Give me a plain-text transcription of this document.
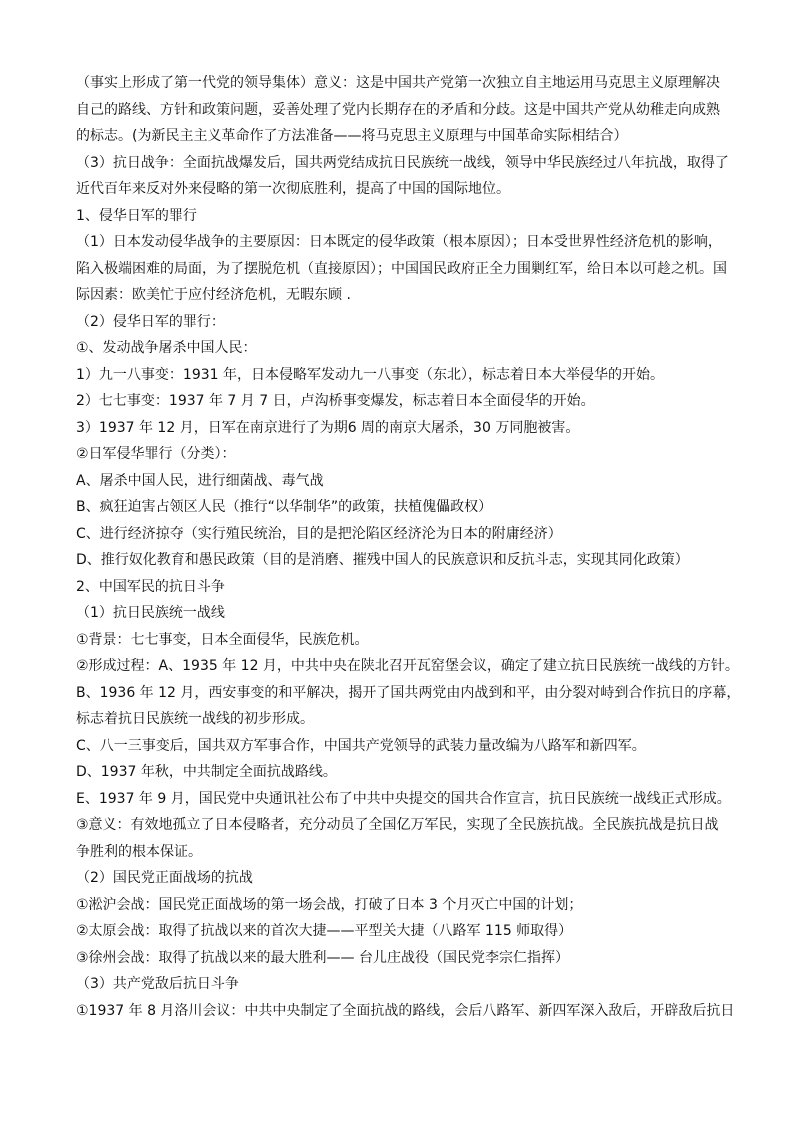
（事实上形成了第一代党的领导集体）意义：这是中国共产党第一次独立自主地运用马克思主义原理解决
自己的路线、方针和政策问题，妥善处理了党内长期存在的矛盾和分歧。这是中国共产党从幼稚走向成熟
的标志。(为新民主主义革命作了方法准备——将马克思主义原理与中国革命实际相结合）
（3）抗日战争：全面抗战爆发后，国共两党结成抗日民族统一战线，领导中华民族经过八年抗战，取得了
近代百年来反对外来侵略的第一次彻底胜利，提高了中国的国际地位。
1、侵华日军的罪行
（1）日本发动侵华战争的主要原因：日本既定的侵华政策（根本原因）；日本受世界性经济危机的影响，
陷入极端困难的局面，为了摆脱危机（直接原因）；中国国民政府正全力围剿红军，给日本以可趁之机。国
际因素：欧美忙于应付经济危机，无暇东顾 .
（2）侵华日军的罪行：
①、发动战争屠杀中国人民：
1）九一八事变：1931 年，日本侵略军发动九一八事变（东北），标志着日本大举侵华的开始。
2）七七事变：1937 年 7 月 7 日，卢沟桥事变爆发，标志着日本全面侵华的开始。
3）1937 年 12 月，日军在南京进行了为期6 周的南京大屠杀，30 万同胞被害。
②日军侵华罪行（分类）：
A、屠杀中国人民，进行细菌战、毒气战
B、疯狂迫害占领区人民（推行“以华制华”的政策，扶植傀儡政权）
C、进行经济掠夺（实行殖民统治，目的是把沦陷区经济沦为日本的附庸经济）
D、推行奴化教育和愚民政策（目的是消磨、摧残中国人的民族意识和反抗斗志，实现其同化政策）
2、中国军民的抗日斗争
（1）抗日民族统一战线
①背景：七七事变，日本全面侵华，民族危机。
②形成过程：A、1935 年 12 月，中共中央在陕北召开瓦窑堡会议，确定了建立抗日民族统一战线的方针。
B、1936 年 12 月，西安事变的和平解决，揭开了国共两党由内战到和平，由分裂对峙到合作抗日的序幕，
标志着抗日民族统一战线的初步形成。
C、八一三事变后，国共双方军事合作，中国共产党领导的武装力量改编为八路军和新四军。
D、1937 年秋，中共制定全面抗战路线。
E、1937 年 9 月，国民党中央通讯社公布了中共中央提交的国共合作宣言，抗日民族统一战线正式形成。
③意义：有效地孤立了日本侵略者，充分动员了全国亿万军民，实现了全民族抗战。全民族抗战是抗日战
争胜利的根本保证。
（2）国民党正面战场的抗战
①淞沪会战：国民党正面战场的第一场会战，打破了日本 3 个月灭亡中国的计划；
②太原会战：取得了抗战以来的首次大捷——平型关大捷（八路军 115 师取得）
③徐州会战：取得了抗战以来的最大胜利—— 台儿庄战役（国民党李宗仁指挥）
（3）共产党敌后抗日斗争
①1937 年 8 月洛川会议：中共中央制定了全面抗战的路线，会后八路军、新四军深入敌后，开辟敌后抗日
